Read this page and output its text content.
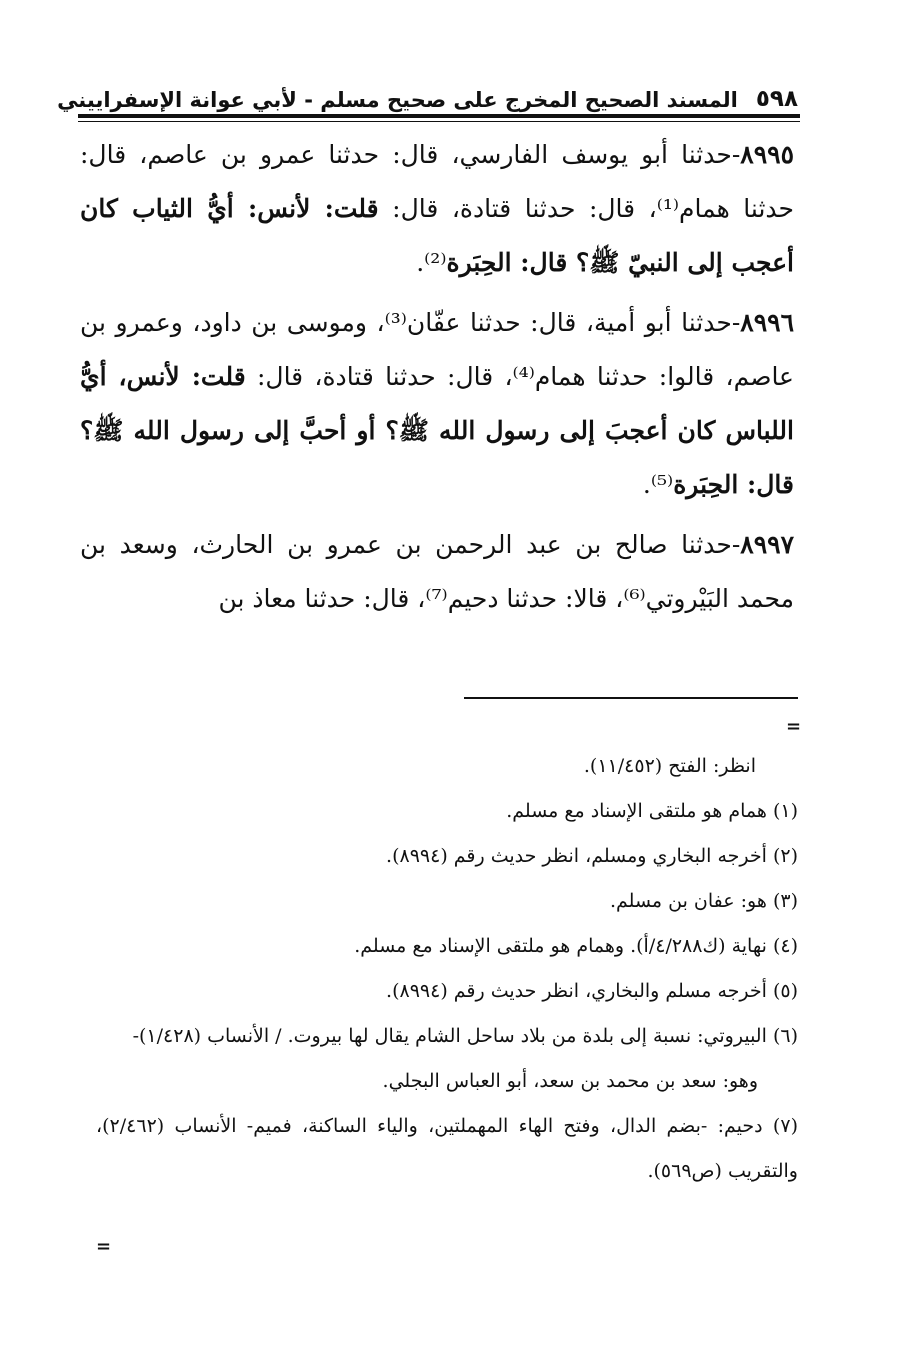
٥٩٨
المسند الصحيح المخرج على صحيح مسلم - لأبي عوانة الإسفراييني

٨٩٩٥-حدثنا أبو يوسف الفارسي، قال: حدثنا عمرو بن عاصم، قال: حدثنا همام⁽¹⁾، قال: حدثنا قتادة، قال: قلت: لأنس: أيُّ الثياب كان أعجب إلى النبيّ ﷺ؟ قال: الحِبَرة⁽²⁾.

٨٩٩٦-حدثنا أبو أمية، قال: حدثنا عفّان⁽³⁾، وموسى بن داود، وعمرو بن عاصم، قالوا: حدثنا همام⁽⁴⁾، قال: حدثنا قتادة، قال: قلت: لأنس، أيُّ اللباس كان أعجبَ إلى رسول الله ﷺ؟ أو أحبَّ إلى رسول الله ﷺ؟ قال: الحِبَرة⁽⁵⁾.

٨٩٩٧-حدثنا صالح بن عبد الرحمن بن عمرو بن الحارث، وسعد بن محمد البَيْروتي⁽⁶⁾، قالا: حدثنا دحيم⁽⁷⁾، قال: حدثنا معاذ بن

=

انظر: الفتح (١١/٤٥٢).

(١) همام هو ملتقى الإسناد مع مسلم.

(٢) أخرجه البخاري ومسلم، انظر حديث رقم (٨٩٩٤).

(٣) هو: عفان بن مسلم.

(٤) نهاية (ك٤/٢٨٨/أ). وهمام هو ملتقى الإسناد مع مسلم.

(٥) أخرجه مسلم والبخاري، انظر حديث رقم (٨٩٩٤).

(٦) البيروتي: نسبة إلى بلدة من بلاد ساحل الشام يقال لها بيروت. / الأنساب (١/٤٢٨)-

وهو: سعد بن محمد بن سعد، أبو العباس البجلي.

(٧) دحيم: -بضم الدال، وفتح الهاء المهملتين، والياء الساكنة، فميم- الأنساب (٢/٤٦٢)، والتقريب (ص٥٦٩).

=
